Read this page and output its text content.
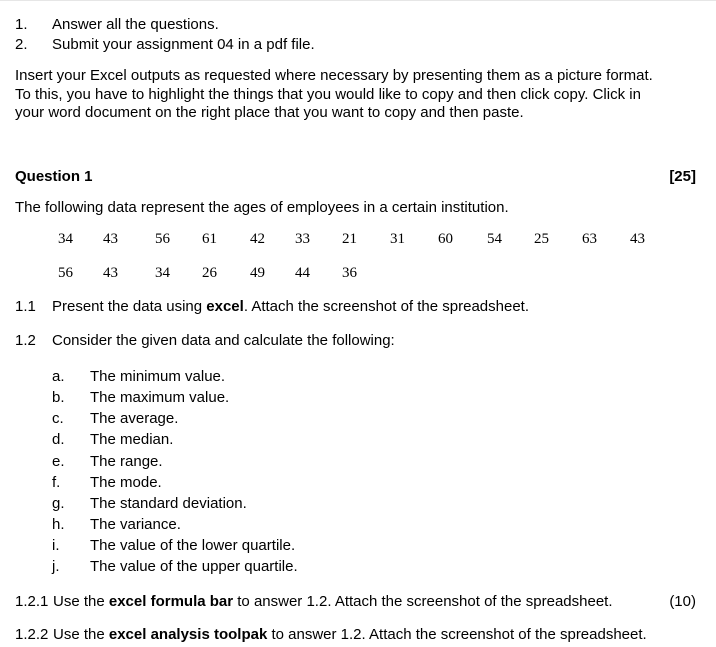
1. Answer all the questions.
2. Submit your assignment 04 in a pdf file.
Insert your Excel outputs as requested where necessary by presenting them as a picture format.
To this, you have to highlight the things that you would like to copy and then click copy. Click in
your word document on the right place that you want to copy and then paste.
Question 1	[25]
The following data represent the ages of employees in a certain institution.
34 43 56 61 42 33 21 31 60 54 25 63 43
56 43 34 26 49 44 36
1.1 Present the data using excel. Attach the screenshot of the spreadsheet.
1.2 Consider the given data and calculate the following:
a. The minimum value.
b. The maximum value.
c. The average.
d. The median.
e. The range.
f. The mode.
g. The standard deviation.
h. The variance.
i. The value of the lower quartile.
j. The value of the upper quartile.
1.2.1 Use the excel formula bar to answer 1.2. Attach the screenshot of the spreadsheet.	(10)
1.2.2 Use the excel analysis toolpak to answer 1.2. Attach the screenshot of the spreadsheet.
